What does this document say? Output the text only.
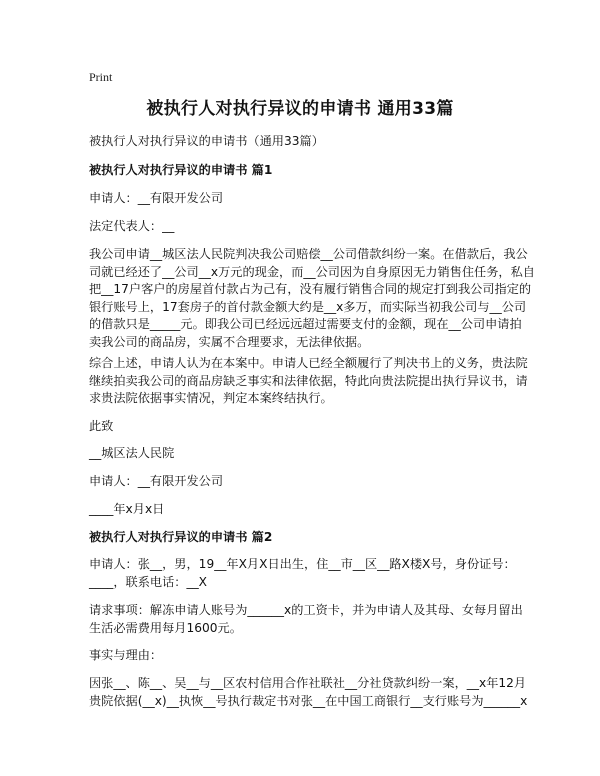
Print
被执行人对执行异议的申请书 通用33篇
被执行人对执行异议的申请书（通用33篇）
被执行人对执行异议的申请书 篇1
申请人：__有限开发公司
法定代表人：__
我公司申请__城区法人民院判决我公司赔偿__公司借款纠纷一案。在借款后，我公
司就已经还了__公司__x万元的现金，而__公司因为自身原因无力销售住任务，私自
把__17户客户的房屋首付款占为己有，没有履行销售合同的规定打到我公司指定的
银行账号上，17套房子的首付款金额大约是__x多万，而实际当初我公司与__公司
的借款只是_____元。即我公司已经远远超过需要支付的金额，现在__公司申请拍
卖我公司的商品房，实属不合理要求，无法律依据。
综合上述，申请人认为在本案中。申请人已经全额履行了判决书上的义务，贵法院
继续拍卖我公司的商品房缺乏事实和法律依据，特此向贵法院提出执行异议书，请
求贵法院依据事实情况，判定本案终结执行。
此致
__城区法人民院
申请人：__有限开发公司
____年x月x日
被执行人对执行异议的申请书 篇2
申请人：张__，男，19__年X月X日出生，住__市__区__路X楼X号，身份证号：
____，联系电话：__X
请求事项：解冻申请人账号为______x的工资卡，并为申请人及其母、女每月留出
生活必需费用每月1600元。
事实与理由：
因张__、陈__、吴__与__区农村信用合作社联社__分社贷款纠纷一案，__x年12月
贵院依据(__x)__执恢__号执行裁定书对张__在中国工商银行__支行账号为______x
